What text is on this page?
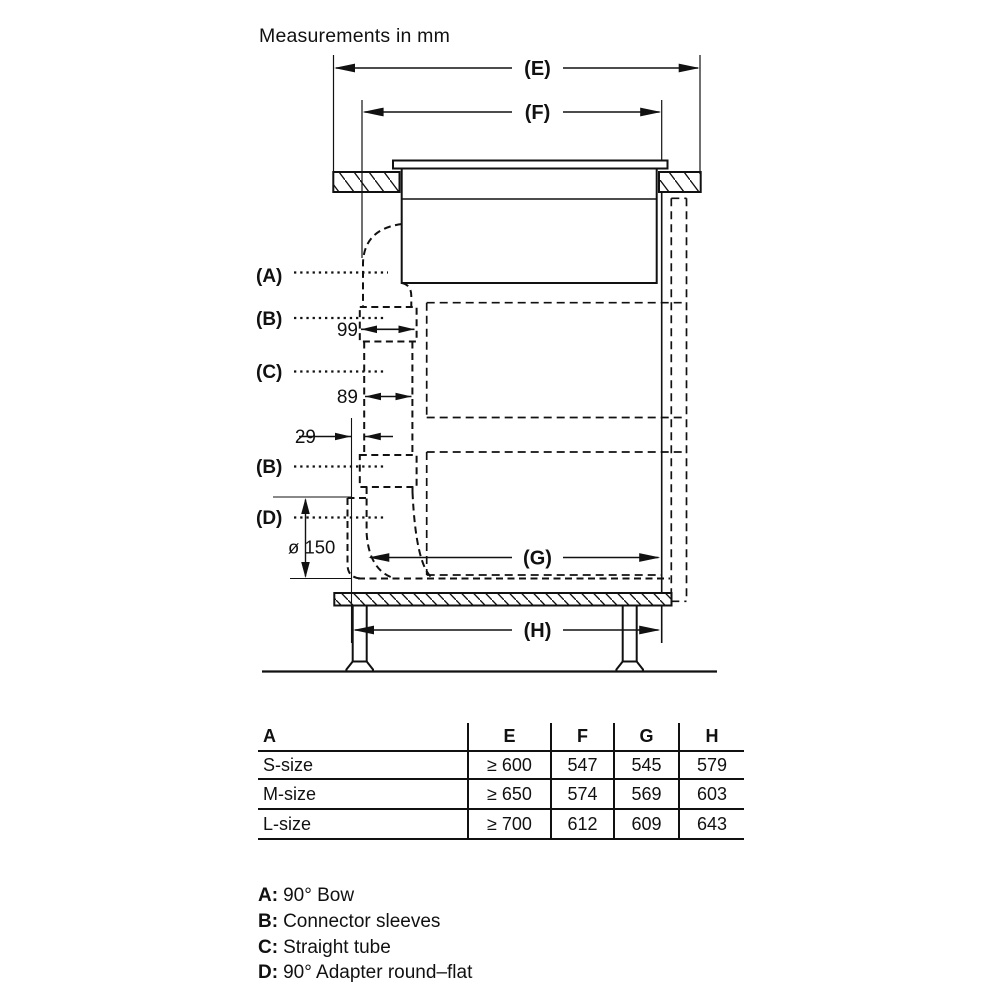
Measurements in mm
(E)
(F)
99
89
29
ø 150
(A)
(B)
(C)
(B)
(D)
(G)
(H)
A	E	F	G	H
S-size	≥ 600	547	545	579
M-size	≥ 650	574	569	603
L-size	≥ 700	612	609	643
A: 90° Bow
B: Connector sleeves
C: Straight tube
D: 90° Adapter round–flat
